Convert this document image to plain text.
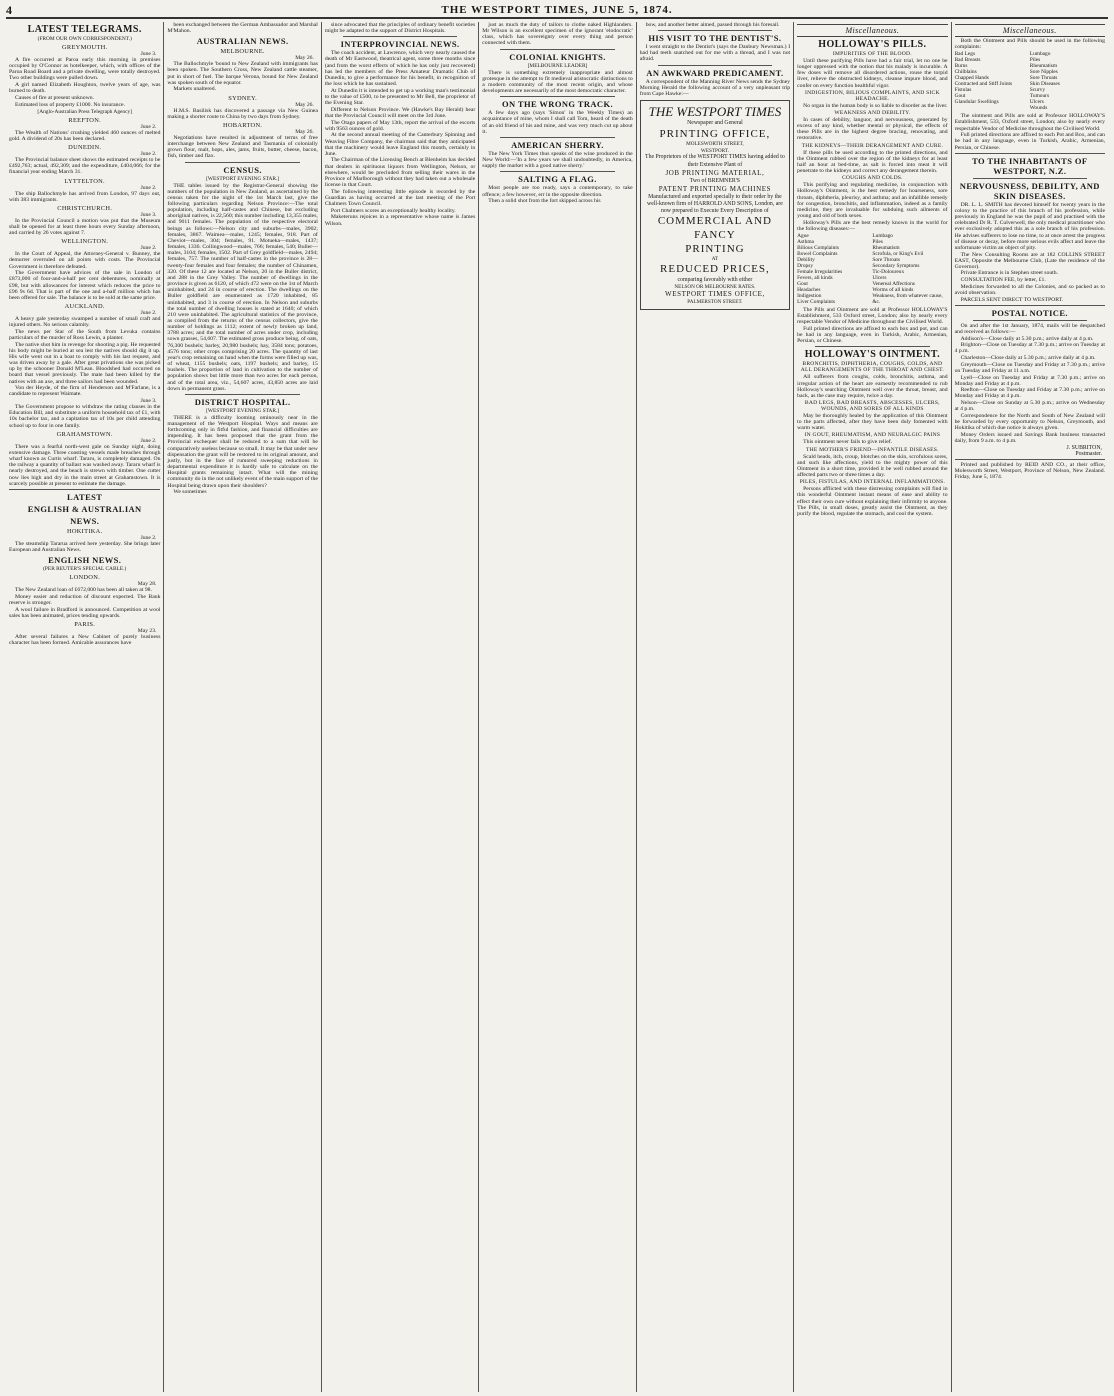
4	THE WESTPORT TIMES, JUNE 5, 1874.
LATEST TELEGRAMS.
(FROM OUR OWN CORRESPONDENT.)
GREYMOUTH.
June 3.
A fire occurred at Paroa early this morning in premises occupied by O'Connor as hotelkeeper, which, with offices of the Paroa Road Board and a private dwelling, were totally destroyed. Two other buildings were pulled down.
A girl named Elizabeth Houghton, twelve years of age, was burned to death.
Causes of fire at present unknown.
Estimated loss of property £1000. No insurance.
[Anglo-Australian Press Telegraph Agency]
REEFTON.
June 2.
The Wealth of Nations' crushing yielded 460 ounces of melted gold. A dividend of 20s has been declared.
DUNEDIN.
June 2.
The Provincial balance sheet shows the estimated receipts to be £492,763; actual, 492,309; and the expenditure, £404,066; for the financial year ending March 31.
LYTTELTON.
June 2.
The ship Ballochmyle has arrived from London, 97 days out, with 383 immigrants.
CHRISTCHURCH.
June 3.
In the Provincial Council a motion was put that the Museum shall be opened for at least three hours every Sunday afternoon, and carried by 26 votes against 7.
WELLINGTON.
June 2.
In the Court of Appeal, the Attorney-General v. Bunney, the demurrer overruled on all points with costs. The Provincial Government is therefore defeated.
The Government have advices of the sale in London of £873,000 of four-and-a-half per cent debentures, nominally at £98, but with allowances for interest which reduces the price to £96 9s 6d. That is part of the one and a-half million which has been offered for sale. The balance is to be sold at the same price.
AUCKLAND.
June 2.
A heavy gale yesterday swamped a number of small craft and injured others. No serious calamity.
The news per Star of the South from Levuka contains particulars of the murder of Ross Lewin, a planter.
The native shot him in revenge for shooting a pig. He requested his body might be buried at sea lest the natives should dig it up. His wife went out in a boat to comply with his last request, and was driven away by a gale. After great privations she was picked up by the schooner Donald M'Lean. Bloodshed had occurred on board that vessel previously. The mate had been killed by the natives with an axe, and three sailors had been wounded.
Von der Heyde, of the firm of Henderson and M'Farlane, is a candidate to represent Waimate.
June 3.
The Government propose to withdraw the rating clauses in the Education Bill, and substitute a uniform household tax of £1, with 10s bachelor tax, and a capitation tax of 10s per child attending school up to four in one family.
GRAHAMSTOWN.
June 2.
There was a fearful north-west gale on Sunday night, doing extensive damage. Three coasting vessels made breaches through wharf known as Curtis wharf. Tararu, is completely damaged. On the railway a quantity of ballast was washed away. Tararu wharf is nearly destroyed, and the beach is strewn with timber. One cutter now lies high and dry in the main street at Grahamstown. It is scarcely possible at present to estimate the damage.
LATEST
ENGLISH & AUSTRALIAN
NEWS.
HOKITIKA.
June 2.
The steamship Tararua arrived here yesterday. She brings later European and Australian News.
ENGLISH NEWS.
(PER REUTER'S SPECIAL CABLE.)
LONDON.
May 28.
The New Zealand loan of £672,000 has been all taken at 98.
Money easier and reduction of discount expected. The Bank reserve is stronger.
A wool failure in Bradford is announced. Competition at wool sales has been animated, prices tending upwards.
PARIS.
May 23.
After several failures a New Cabinet of purely business character has been formed. Amicable assurances have
been exchanged between the German Ambassador and Marshal M'Mahon.
AUSTRALIAN NEWS.
MELBOURNE.
May 26.
The Ballochmyle 'bound to New Zealand with immigrants has been spoken. The Southern Cross, New Zealand cattle steamer, put in short of fuel. The barque Verona, bound for New Zealand was spoken south of the equator.
Markets unaltered.
SYDNEY.
May 26.
H.M.S. Basilisk has discovered a passage via New Guinea making a shorter route to China by two days from Sydney.
HOBARTON.
May 26.
Negotiations have resulted in adjustment of terms of free interchange between New Zealand and Tasmania of colonially grown flour, malt, hops, ales, jams, fruits, butter, cheese, bacon, fish, timber and flax.
CENSUS.
[WESTPORT EVENING STAR.]
THE tables issued by the Registrar-General showing the numbers of the population in New Zealand, as ascertained by the census taken for the night of the 1st March last, give the following particulars regarding Nelson Province:—The total population, including half-castes and Chinese, but excluding aboriginal natives, is 22,560; this number including 13,355 males, and 9011 females. The population of the respective electoral beings as follows:—Nelson city and suburbs—males, 3902; females, 3867. Waimea—males, 1245; females, 918. Part of Cheviot—males, 304; females, 91. Motueka—males, 1437; females, 1336. Collingwood—males, 766; females, 540; Buller—males, 3104; females, 1502. Part of Grey goldfield—males, 2494; females, 757. The number of half-castes in the province is 28—twenty-four females and four females; the number of Chinamen, 320. Of these 12 are located at Nelson, 20 in the Buller district, and 288 in the Grey Valley. The number of dwellings in the province is given as 6120, of which 472 were on the 1st of March uninhabited, and 24 in course of erection. The dwellings on the Buller goldfield are enumerated as 1720 inhabited, 85 uninhabited, and 3 in course of erection. In Nelson and suburbs the total number of dwelling houses is stated at 1640; of which 210 were uninhabited. The agricultural statistics of the province, as compiled from the returns of the census collectors, give the number of holdings as 1112; extent of newly broken up land, 3788 acres; and the total number of acres under crop, including sown grasses, 54,607. The estimated gross produce being, of oats, 76,300 bushels; barley, 20,980 bushels; hay, 3584 tons; potatoes, 4576 tons; other crops comprising 20 acres. The quantity of last year's crop remaining on hand when the forms were filled up was, of wheat, 1155 bushels; oats, 1197 bushels; and barley, 15 bushels. The proportion of land in cultivation to the number of population shows but little more than two acres for each person, and of the total area, viz., 54,607 acres, 43,850 acres are laid down in permanent grass.
DISTRICT HOSPITAL.
[WESTPORT EVENING STAR.]
THERE is a difficulty looming ominously near in the management of the Westport Hospital. Ways and means are forthcoming only in fitful fashion, and financial difficulties are impending. It has been proposed that the grant from the Provincial exchequer shall be reduced to a sum that will be comparatively useless because so small. It may be that under new dispensation the grant will be restored to its original amount, and justly, but in the face of rumored sweeping reductions in departmental expenditure it is hardly safe to calculate on the Hospital grants remaining intact. What will the mining community do in the not unlikely event of the main support of the Hospital being drawn upon their shoulders?
We sometimes
since advocated that the principles of ordinary benefit societies might be adapted to the support of District Hospitals.
INTERPROVINCIAL NEWS.
The coach accident, at Lawrence, which very nearly caused the death of Mr Eastwood, theatrical agent, some three months since (and from the worst effects of which he has only just recovered) has led the members of the Press Amateur Dramatic Club of Dunedin, to give a performance for his benefit, in recognition of the loss which he has sustained.
At Dunedin it is intended to get up a working man's testimonial to the value of £500, to be presented to Mr Bell, the proprietor of the Evening Star.
Different to Nelson Province. We (Hawke's Bay Herald) hear that the Provincial Council will meet on the 3rd June.
The Otago papers of May 13th, report the arrival of the escorts with 9563 ounces of gold.
At the second annual meeting of the Canterbury Spinning and Weaving Fibre Company, the chairman said that they anticipated that the machinery would leave England this month, certainly in June.
The Chairman of the Licensing Bench at Blenheim has decided that dealers in spirituous liquors from Wellington, Nelson, or elsewhere, would be precluded from selling their wares in the Province of Marlborough without they had taken out a wholesale license in that Court.
The following interesting little episode is recorded by the Guardian as having occurred at the last meeting of the Port Chalmers Town Council.
Port Chalmers scores an exceptionally healthy locality.
Maketeruns rejoices in a representative whose name is James Wilson.
just as much the duty of tailors to clothe naked Highlanders. Mr Wilson is an excellent specimen of the ignorant 'elodocratic' class, which has sovereignty over every thing and person connected with them.
COLONIAL KNIGHTS.
[MELBOURNE LEADER]
There is something extremely inappropriate and almost grotesque in the attempt to fit medieval aristocratic distinctions to a modern community of the most recent origin, and whose developments are necessarily of the most democratic character.
ON THE WRONG TRACK.
A few days ago (says 'Simon' in the Weekly Times) an acquaintance of mine, whom I shall call Tom, heard of the death of an old friend of his and mine, and was very much cut up about it.
AMERICAN SHERRY.
The New York Times thus speaks of the wine produced in the New World:—'In a few years we shall undoubtedly, in America, supply the market with a good native sherry.'
SALTING A FLAG.
Most people are too ready, says a contemporary, to take offence; a few however, err in the opposite direction.
Then a solid shot from the fort skipped across his
bow, and another better aimed, passed through his foresail.
HIS VISIT TO THE DENTIST'S.
I went straight to the Dentist's (says the Danbury Newsman.) I had had teeth snatched out for me with a thread, and I was not afraid.
AN AWKWARD PREDICAMENT.
A correspondent of the Manning River News sends the Sydney Morning Herald the following account of a very unpleasant trip from Cape Hawke:—
THE WESTPORT TIMES
Newspaper and General
PRINTING OFFICE,
MOLESWORTH STREET,
WESTPORT.
The Proprietors of the WESTPORT TIMES having added to their Extensive Plant of
JOB PRINTING MATERIAL,
Two of BREMNER'S
PATENT PRINTING MACHINES
Manufactured and exported specially to their order by the well-known firm of HARROLD AND SONS, London, are now prepared to Execute Every Description of
COMMERCIAL AND FANCY
PRINTING
AT
REDUCED PRICES,
comparing favorably with either
NELSON OR MELBOURNE RATES.
WESTPORT TIMES OFFICE,
PALMERSTON STREET.
Miscellaneous.
HOLLOWAY'S PILLS.
IMPURITIES OF THE BLOOD.
Until these purifying Pills have had a fair trial, let no one be longer oppressed with the notion that his malady is incurable. A few doses will remove all disordered actions, rouse the torpid liver, relieve the obstructed kidneys, cleanse impure blood, and confer on every function healthful vigor.
INDIGESTION, BILIOUS COMPLAINTS, AND SICK HEADACHE.
No organ in the human body is so liable to disorder as the liver.
WEAKNESS AND DEBILITY.
In cases of debility, languor, and nervousness, generated by excess of any kind, whether mental or physical, the effects of these Pills are in the highest degree bracing, renovating, and restorative.
THE KIDNEYS—THEIR DERANGEMENT AND CURE.
If these pills be used according to the printed directions, and the Ointment rubbed over the region of the kidneys for at least half an hour at bed-time, as salt is forced into meat it will penetrate to the kidneys and correct any derangement therein.
COUGHS AND COLDS.
This purifying and regulating medicine, in conjunction with Holloway's Ointment, is the best remedy for hoarseness, sore throats, diphtheria, pleurisy, and asthma; and an infallible remedy for congestion, bronchitis, and inflammation, indeed as a family medicine, they are invaluable for subduing such ailments of young and old of both sexes.
Holloway's Pills are the best remedy known in the world for the following diseases:—
Ague
Asthma
Bilious Complaints
Bowel Complaints
Debility
Dropsy
Female Irregularities
Fevers, all kinds
Gout
Headaches
Indigestion
Liver Complaints
Lumbago
Piles
Rheumatism
Scrofula, or King's Evil
Sore Throats
Secondary Symptoms
Tic-Doloureux
Ulcers
Venereal Affections
Worms of all kinds
Weakness, from whatever cause, &c.
The Pills and Ointment are sold at Professor HOLLOWAY'S Establishment, 533 Oxford street, London; also by nearly every respectable Vendor of Medicine throughout the Civilised World.
Full printed directions are affixed to each box and pot, and can be had in any language, even in Turkish, Arabic, Armenian, Persian, or Chinese.
HOLLOWAY'S OINTMENT.
BRONCHITIS, DIPHTHERIA, COUGHS, COLDS, AND ALL DERANGEMENTS OF THE THROAT AND CHEST.
All sufferers from coughs, colds, bronchitis, asthma, and irregular action of the heart are earnestly recommended to rub Holloway's searching Ointment well over the throat, breast, and back, as the case may require, twice a day.
BAD LEGS, BAD BREASTS, ABSCESSES, ULCERS, WOUNDS, AND SORES OF ALL KINDS
May be thoroughly healed by the application of this Ointment to the parts affected, after they have been duly fomented with warm water.
IN GOUT, RHEUMATISM, AND NEURALGIC PAINS
This ointment never fails to give relief.
THE MOTHER'S FRIEND—INFANTILE DISEASES.
Scald heads, itch, croup, blotches on the skin, scrofulous sores, and such like affections, yield to the mighty power of this Ointment in a short time, provided it be well rubbed around the affected parts two or three times a day.
PILES, FISTULAS, AND INTERNAL INFLAMMATIONS.
Persons afflicted with these distressing complaints will find in this wonderful Ointment instant means of ease and ability to effect their own cure without explaining their infirmity to anyone. The Pills, in small doses, greatly assist the Ointment, as they purify the blood, regulate the stomach, and cool the system.
Miscellaneous.
Both the Ointment and Pills should be used in the following complaints:
Bad Legs
Bad Breasts
Burns
Chilblains
Chapped Hands
Contracted and Stiff Joints
Fistulas
Gout
Glandular Swellings
Lumbago
Piles
Rheumatism
Sore Nipples
Sore Throats
Skin Diseases
Scurvy
Tumours
Ulcers
Wounds
The ointment and Pills are sold at Professor HOLLOWAY'S Establishment, 533, Oxford street, London; also by nearly every respectable Vendor of Medicine throughout the Civilised World.
Full printed directions are affixed to each Pot and Box, and can be had in any language, even in Turkish, Arabic, Armenian, Persian, or Chinese.
TO THE INHABITANTS OF WESTPORT, N.Z.
NERVOUSNESS, DEBILITY, AND SKIN DISEASES.
DR. L. L. SMITH has devoted himself for twenty years in the colony to the practice of this branch of his profession, while previously in England he was the pupil of and practised with the celebrated Dr R. T. Culverwell, the only medical practitioner who ever exclusively adopted this as a sole branch of his profession. He advises sufferers to lose no time, to at once arrest the progress of disease or decay, before more serious evils affect and leave the unfortunate victim an object of pity.
The New Consulting Rooms are at 182 COLLINS STREET EAST, Opposite the Melbourne Club, (Late the residence of the Governor).
Private Entrance is in Stephen street south.
CONSULTATION FEE, by letter, £1.
Medicines forwarded to all the Colonies, and so packed as to avoid observation.
PARCELS SENT DIRECT TO WESTPORT.
POSTAL NOTICE.
On and after the 1st January, 1874, mails will be despatched and received as follows:—
Addison's—Close daily at 5.30 p.m.; arrive daily at 4 p.m.
Brighton—Close on Tuesday at 7.30 p.m.; arrive on Tuesday at 4 p.m.
Charleston—Close daily at 5.30 p.m.; arrive daily at 4 p.m.
Greymouth—Close on Tuesday and Friday at 7.30 p.m.; arrive on Tuesday and Friday at 11 a.m.
Lyell—Close on Tuesday and Friday at 7.30 p.m.; arrive on Monday and Friday at 4 p.m.
Reefton—Close on Tuesday and Friday at 7.30 p.m.; arrive on Monday and Friday at 4 p.m.
Nelson—Close on Sunday at 5.30 p.m.; arrive on Wednesday at 4 p.m.
Correspondence for the North and South of New Zealand will be forwarded by every opportunity to Nelson, Greymouth, and Hokitika of which due notice is always given.
Money Orders issued and Savings Bank business transacted daily, from 9 a.m. to 4 p.m.
J. SUBRITON,
Postmaster.
Printed and published by REID AND CO., at their office, Molesworth Street, Westport, Province of Nelson, New Zealand. Friday, June 5, 1874.
